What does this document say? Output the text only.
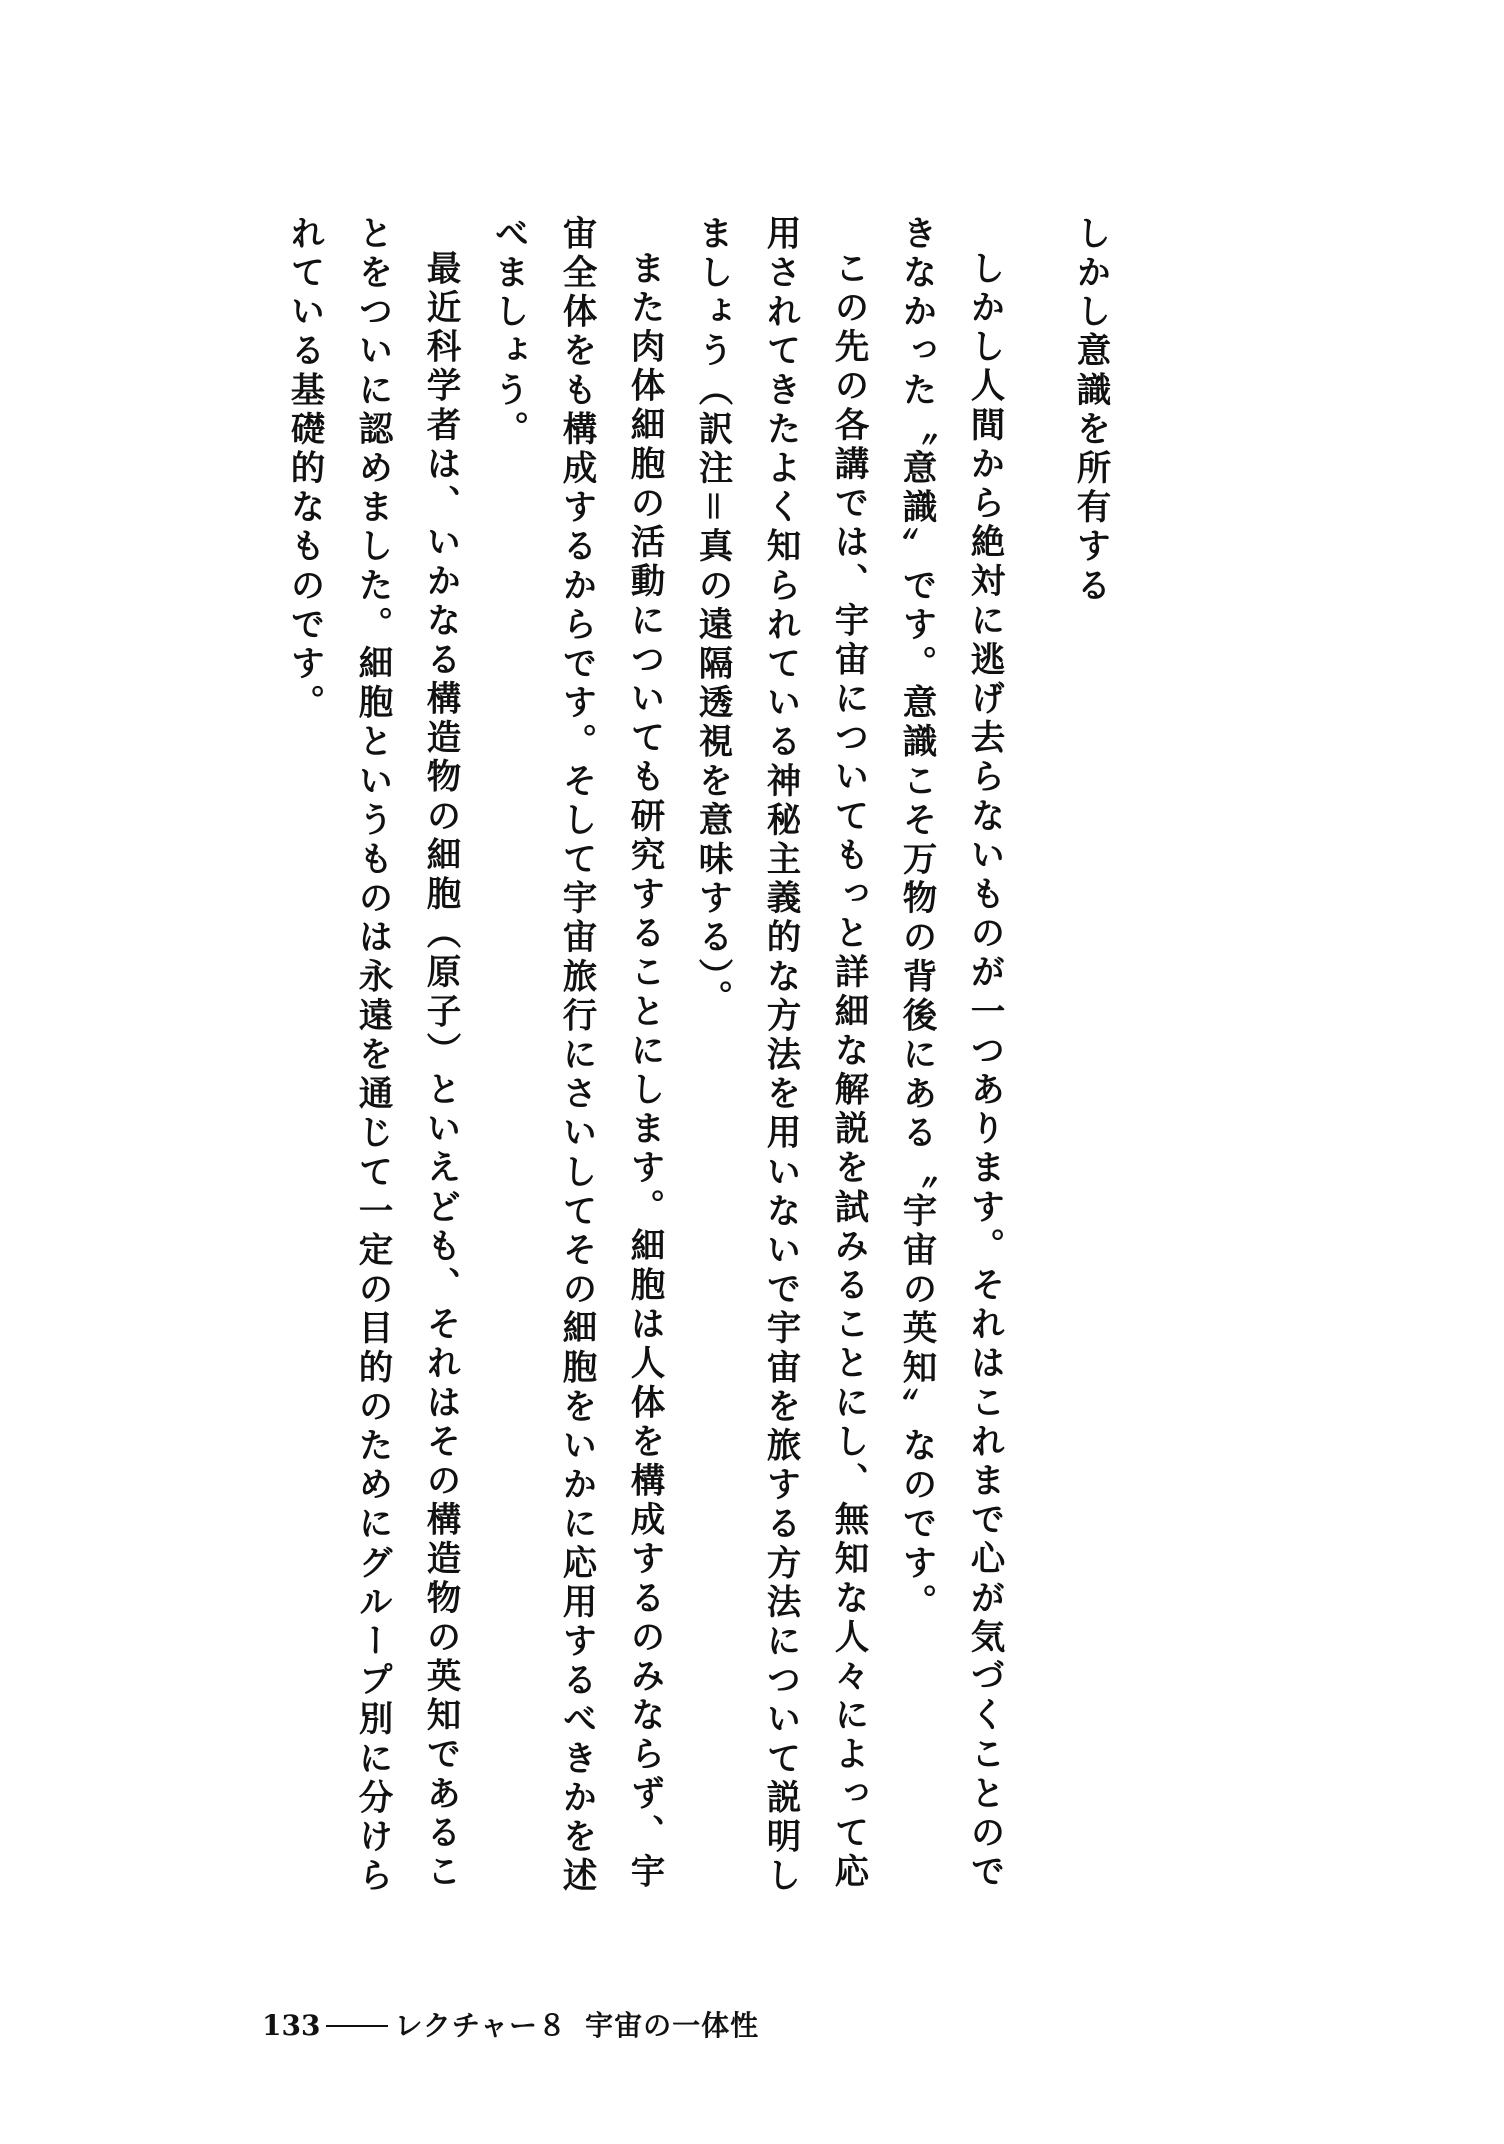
しかし意識を所有する

しかし人間から絶対に逃げ去らないものが一つあります。それはこれまで心が気づくことのできなかった〝意識〟です。意識こそ万物の背後にある〝宇宙の英知〟なのです。

この先の各講では、宇宙についてもっと詳細な解説を試みることにし、無知な人々によって応用されてきたよく知られている神秘主義的な方法を用いないで宇宙を旅する方法について説明しましょう（訳注＝真の遠隔透視を意味する）。

また肉体細胞の活動についても研究することにします。細胞は人体を構成するのみならず、宇宙全体をも構成するからです。そして宇宙旅行にさいしてその細胞をいかに応用するべきかを述べましょう。

最近科学者は、いかなる構造物の細胞（原子）といえども、それはその構造物の英知であることをついに認めました。細胞というものは永遠を通じて一定の目的のためにグループ別に分けられている基礎的なものです。

133	レクチャー８ 宇宙の一体性
